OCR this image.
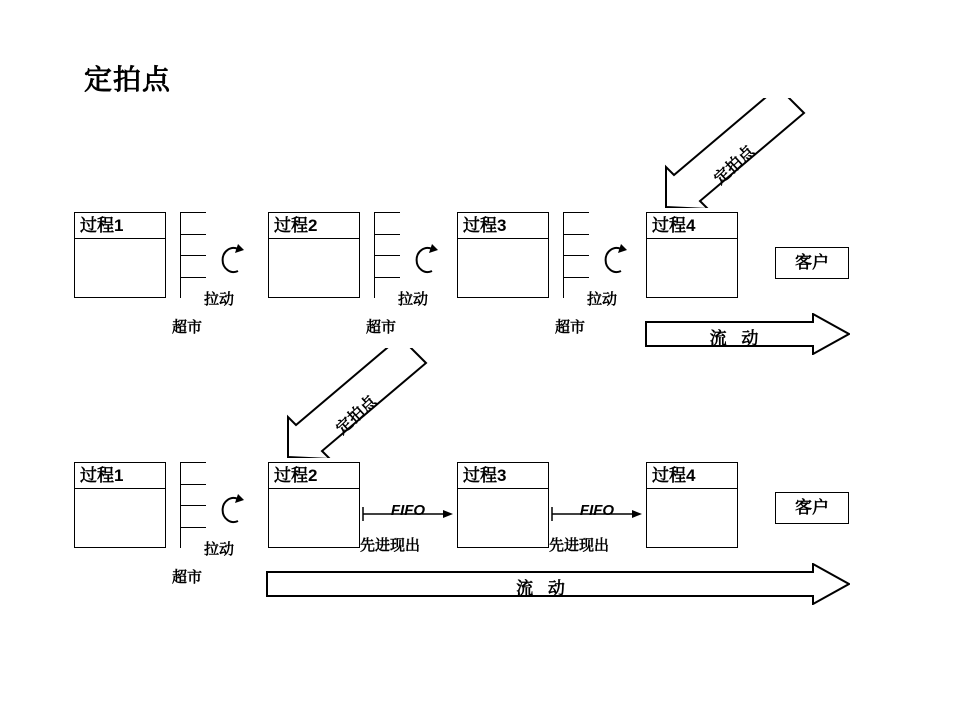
定拍点
过程1
拉动
超市
过程2
拉动
超市
过程3
拉动
超市
过程4
客户
定拍点
流 动
过程1
拉动
超市
过程2
FIFO
先进现出
过程3
FIFO
先进现出
过程4
客户
定拍点
流 动
